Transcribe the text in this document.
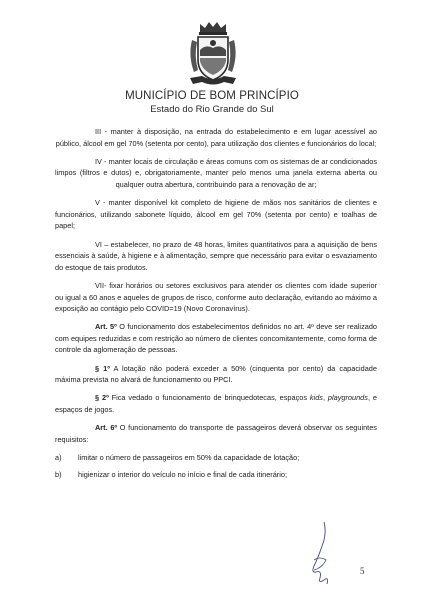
MUNICÍPIO DE BOM PRINCÍPIO
Estado do Rio Grande do Sul

III - manter à disposição, na entrada do estabelecimento e em lugar acessível ao público, álcool em gel 70% (setenta por cento), para utilização dos clientes e funcionários do local;

IV - manter locais de circulação e áreas comuns com os sistemas de ar condicionados limpos (filtros e dutos) e, obrigatoriamente, manter pelo menos uma janela externa aberta ou qualquer outra abertura, contribuindo para a renovação de ar;

V - manter disponível kit completo de higiene de mãos nos sanitários de clientes e funcionários, utilizando sabonete líquido, álcool em gel 70% (setenta por cento) e toalhas de papel;

VI – estabelecer, no prazo de 48 horas, limites quantitativos para a aquisição de bens essenciais à saúde, à higiene e à alimentação, sempre que necessário para evitar o esvaziamento do estoque de tais produtos.

VII- fixar horários ou setores exclusivos para atender os clientes com idade superior ou igual a 60 anos e aqueles de grupos de risco, conforme auto declaração, evitando ao máximo a exposição ao contágio pelo COVID=19 (Novo Coronavírus).

Art. 5º O funcionamento dos estabelecimentos definidos no art. 4º deve ser realizado com equipes reduzidas e com restrição ao número de clientes concomitantemente, como forma de controle da aglomeração de pessoas.

§ 1º A lotação não poderá exceder a 50% (cinquenta por cento) da capacidade máxima prevista no alvará de funcionamento ou PPCI.

§ 2º Fica vedado o funcionamento de brinquedotecas, espaços kids, playgrounds, e espaços de jogos.

Art. 6º O funcionamento do transporte de passageiros deverá observar os seguintes requisitos:

a) limitar o número de passageiros em 50% da capacidade de lotação;
b) higienizar o interior do veículo no início e final de cada itinerário;
5
